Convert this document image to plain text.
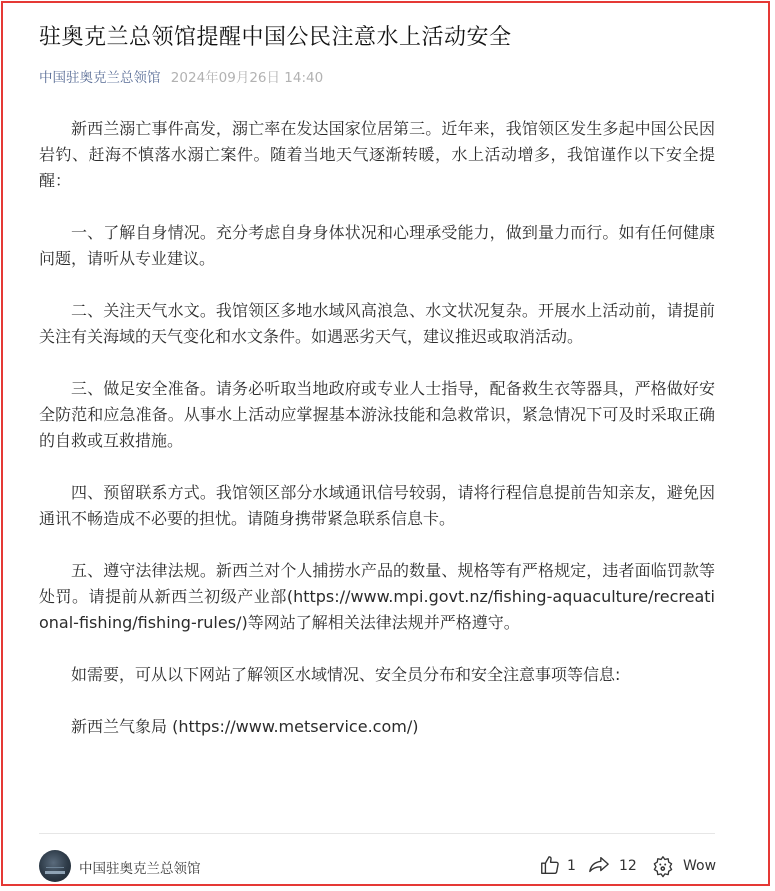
驻奥克兰总领馆提醒中国公民注意水上活动安全
中国驻奥克兰总领馆 2024年09月26日 14:40

新西兰溺亡事件高发，溺亡率在发达国家位居第三。近年来，我馆领区发生多起中国公民因岩钓、赶海不慎落水溺亡案件。随着当地天气逐渐转暖，水上活动增多，我馆谨作以下安全提醒：

一、了解自身情况。充分考虑自身身体状况和心理承受能力，做到量力而行。如有任何健康问题，请听从专业建议。

二、关注天气水文。我馆领区多地水域风高浪急、水文状况复杂。开展水上活动前，请提前关注有关海域的天气变化和水文条件。如遇恶劣天气，建议推迟或取消活动。

三、做足安全准备。请务必听取当地政府或专业人士指导，配备救生衣等器具，严格做好安全防范和应急准备。从事水上活动应掌握基本游泳技能和急救常识，紧急情况下可及时采取正确的自救或互救措施。

四、预留联系方式。我馆领区部分水域通讯信号较弱，请将行程信息提前告知亲友，避免因通讯不畅造成不必要的担忧。请随身携带紧急联系信息卡。

五、遵守法律法规。新西兰对个人捕捞水产品的数量、规格等有严格规定，违者面临罚款等处罚。请提前从新西兰初级产业部(https://www.mpi.govt.nz/fishing-aquaculture/recreational-fishing/fishing-rules/)等网站了解相关法律法规并严格遵守。

如需要，可从以下网站了解领区水域情况、安全员分布和安全注意事项等信息:

新西兰气象局 (https://www.metservice.com/)

中国驻奥克兰总领馆	1	12	Wow
